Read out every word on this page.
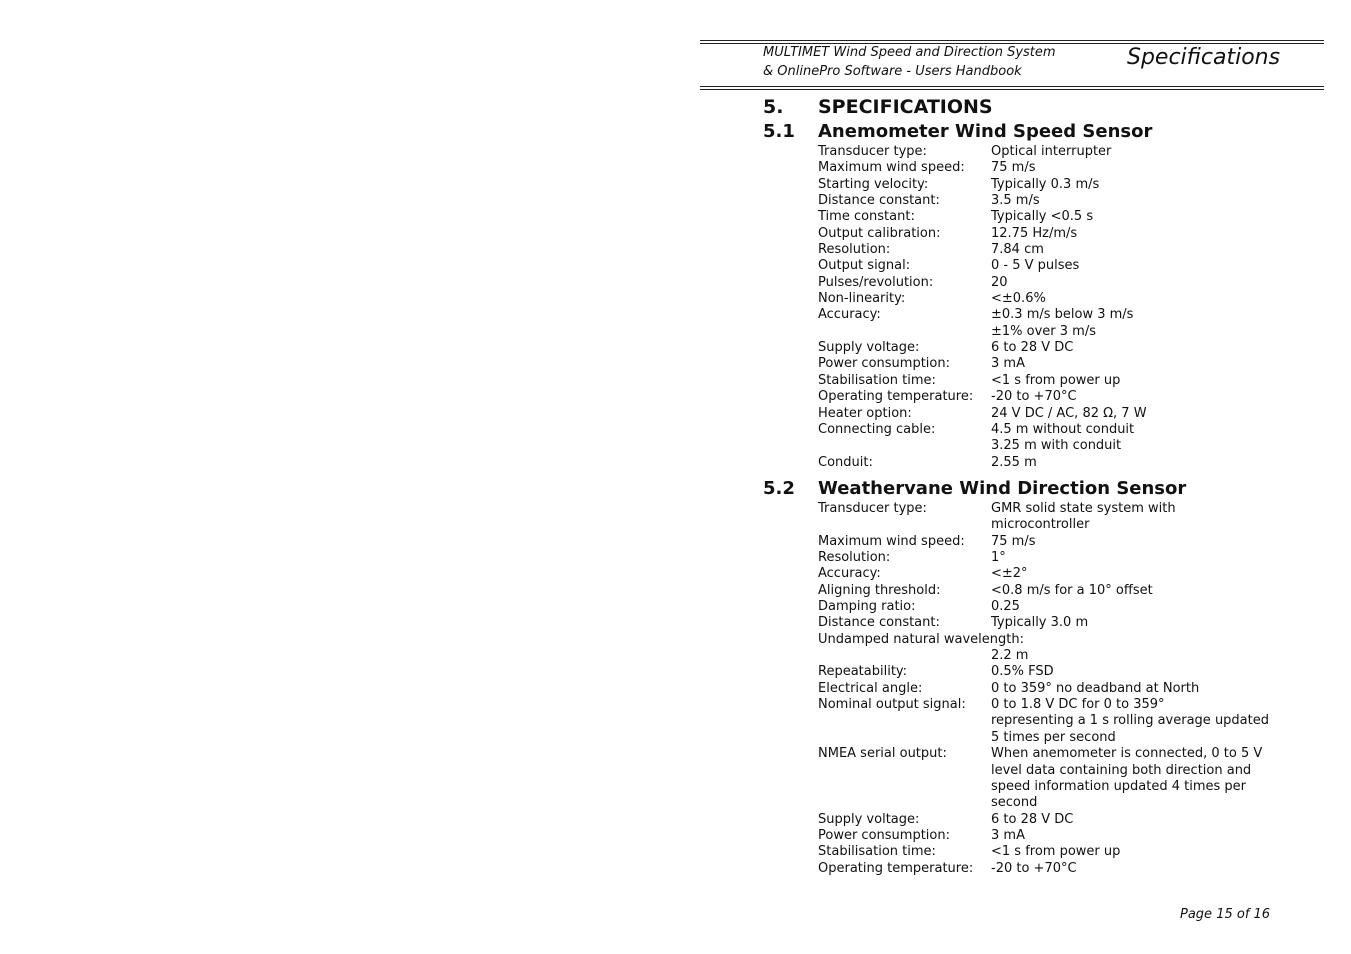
MULTIMET Wind Speed and Direction System
& OnlinePro Software - Users Handbook
Specifications
5. SPECIFICATIONS
5.1 Anemometer Wind Speed Sensor
Transducer type:	Optical interrupter
Maximum wind speed: 75 m/s
Starting velocity:	Typically 0.3 m/s
Distance constant:	3.5 m/s
Time constant:	Typically <0.5 s
Output calibration:	12.75 Hz/m/s
Resolution:	7.84 cm
Output signal:	0 - 5 V pulses
Pulses/revolution:	20
Non-linearity:	<±0.6%
Accuracy:	±0.3 m/s below 3 m/s
±1% over 3 m/s
Supply voltage:	6 to 28 V DC
Power consumption:	3 mA
Stabilisation time:	<1 s from power up
Operating temperature: -20 to +70°C
Heater option:	24 V DC / AC, 82 Ω, 7 W
Connecting cable:	4.5 m without conduit
3.25 m with conduit
Conduit:	2.55 m
5.2 Weathervane Wind Direction Sensor
Transducer type:	GMR solid state system with
microcontroller
Maximum wind speed: 75 m/s
Resolution:	1°
Accuracy:	<±2°
Aligning threshold:	<0.8 m/s for a 10° offset
Damping ratio:	0.25
Distance constant:	Typically 3.0 m
Undamped natural wavelength:
2.2 m
Repeatability:	0.5% FSD
Electrical angle:	0 to 359° no deadband at North
Nominal output signal: 0 to 1.8 V DC for 0 to 359°
representing a 1 s rolling average updated
5 times per second
NMEA serial output:	When anemometer is connected, 0 to 5 V
level data containing both direction and
speed information updated 4 times per
second
Supply voltage:	6 to 28 V DC
Power consumption:	3 mA
Stabilisation time:	<1 s from power up
Operating temperature: -20 to +70°C
Page 15 of 16
